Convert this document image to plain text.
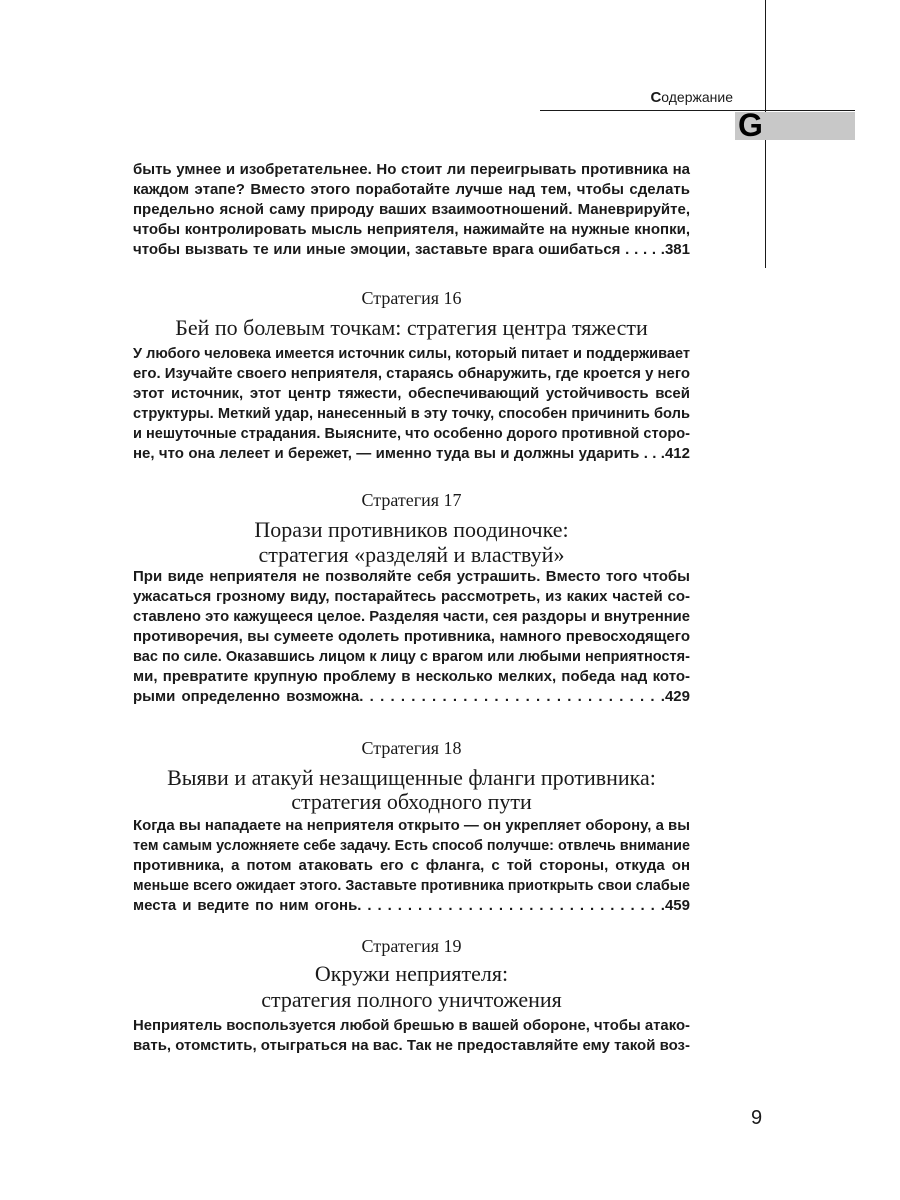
G
Содержание
быть умнее и изобретательнее. Но стоит ли переигрывать противника на
каждом этапе? Вместо этого поработайте лучше над тем, чтобы сделать
предельно ясной саму природу ваших взаимоотношений. Маневрируйте,
чтобы контролировать мысль неприятеля, нажимайте на нужные кнопки,
чтобы вызвать те или иные эмоции, заставьте врага ошибаться . . . . .381
Стратегия 16
Бей по болевым точкам: стратегия центра тяжести
У любого человека имеется источник силы, который питает и поддерживает
его. Изучайте своего неприятеля, стараясь обнаружить, где кроется у него
этот источник, этот центр тяжести, обеспечивающий устойчивость всей
структуры. Меткий удар, нанесенный в эту точку, способен причинить боль
и нешуточные страдания. Выясните, что особенно дорого противной сторо-
не, что она лелеет и бережет, — именно туда вы и должны ударить . . .412
Стратегия 17
Порази противников поодиночке:
стратегия «разделяй и властвуй»
При виде неприятеля не позволяйте себя устрашить. Вместо того чтобы
ужасаться грозному виду, постарайтесь рассмотреть, из каких частей со-
ставлено это кажущееся целое. Разделяя части, сея раздоры и внутренние
противоречия, вы сумеете одолеть противника, намного превосходящего
вас по силе. Оказавшись лицом к лицу с врагом или любыми неприятностя-
ми, превратите крупную проблему в несколько мелких, победа над кото-
рыми определенно возможна. . . . . . . . . . . . . . . . . . . . . . . . . . . . . .429
Стратегия 18
Выяви и атакуй незащищенные фланги противника:
стратегия обходного пути
Когда вы нападаете на неприятеля открыто — он укрепляет оборону, а вы
тем самым усложняете себе задачу. Есть способ получше: отвлечь внимание
противника, а потом атаковать его с фланга, с той стороны, откуда он
меньше всего ожидает этого. Заставьте противника приоткрыть свои слабые
места и ведите по ним огонь. . . . . . . . . . . . . . . . . . . . . . . . . . . . . . .459
Стратегия 19
Окружи неприятеля:
стратегия полного уничтожения
Неприятель воспользуется любой брешью в вашей обороне, чтобы атако-
вать, отомстить, отыграться на вас. Так не предоставляйте ему такой воз-
9
